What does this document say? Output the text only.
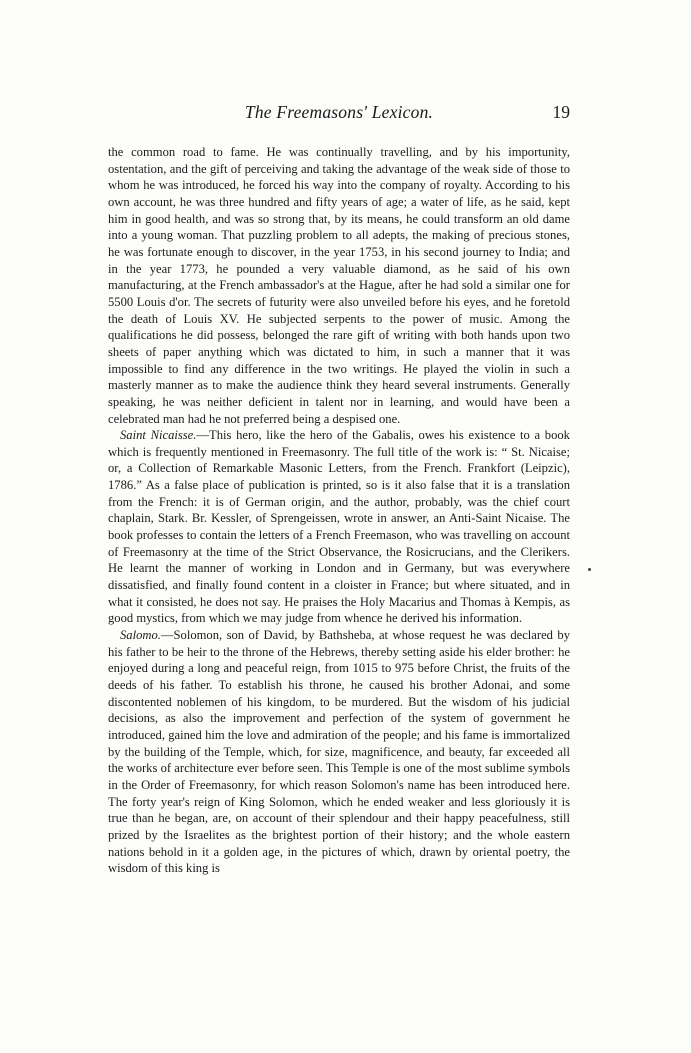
The Freemasons' Lexicon.	19

the common road to fame. He was continually travelling, and by his importunity, ostentation, and the gift of perceiving and taking the advantage of the weak side of those to whom he was introduced, he forced his way into the company of royalty. According to his own account, he was three hundred and fifty years of age; a water of life, as he said, kept him in good health, and was so strong that, by its means, he could transform an old dame into a young woman. That puzzling problem to all adepts, the making of precious stones, he was fortunate enough to discover, in the year 1753, in his second journey to India; and in the year 1773, he pounded a very valuable diamond, as he said of his own manufacturing, at the French ambassador's at the Hague, after he had sold a similar one for 5500 Louis d'or. The secrets of futurity were also unveiled before his eyes, and he foretold the death of Louis XV. He subjected serpents to the power of music. Among the qualifications he did possess, belonged the rare gift of writing with both hands upon two sheets of paper anything which was dictated to him, in such a manner that it was impossible to find any difference in the two writings. He played the violin in such a masterly manner as to make the audience think they heard several instruments. Generally speaking, he was neither deficient in talent nor in learning, and would have been a celebrated man had he not preferred being a despised one.

Saint Nicaisse.—This hero, like the hero of the Gabalis, owes his existence to a book which is frequently mentioned in Freemasonry. The full title of the work is: “ St. Nicaise; or, a Collection of Remarkable Masonic Letters, from the French. Frankfort (Leipzic), 1786.” As a false place of publication is printed, so is it also false that it is a translation from the French: it is of German origin, and the author, probably, was the chief court chaplain, Stark. Br. Kessler, of Sprengeissen, wrote in answer, an Anti-Saint Nicaise. The book professes to contain the letters of a French Freemason, who was travelling on account of Freemasonry at the time of the Strict Observance, the Rosicrucians, and the Clerikers. He learnt the manner of working in London and in Germany, but was everywhere dissatisfied, and finally found content in a cloister in France; but where situated, and in what it consisted, he does not say. He praises the Holy Macarius and Thomas à Kempis, as good mystics, from which we may judge from whence he derived his information.

Salomo.—Solomon, son of David, by Bathsheba, at whose request he was declared by his father to be heir to the throne of the Hebrews, thereby setting aside his elder brother: he enjoyed during a long and peaceful reign, from 1015 to 975 before Christ, the fruits of the deeds of his father. To establish his throne, he caused his brother Adonai, and some discontented noblemen of his kingdom, to be murdered. But the wisdom of his judicial decisions, as also the improvement and perfection of the system of government he introduced, gained him the love and admiration of the people; and his fame is immortalized by the building of the Temple, which, for size, magnificence, and beauty, far exceeded all the works of architecture ever before seen. This Temple is one of the most sublime symbols in the Order of Freemasonry, for which reason Solomon's name has been introduced here. The forty year's reign of King Solomon, which he ended weaker and less gloriously it is true than he began, are, on account of their splendour and their happy peacefulness, still prized by the Israelites as the brightest portion of their history; and the whole eastern nations behold in it a golden age, in the pictures of which, drawn by oriental poetry, the wisdom of this king is
